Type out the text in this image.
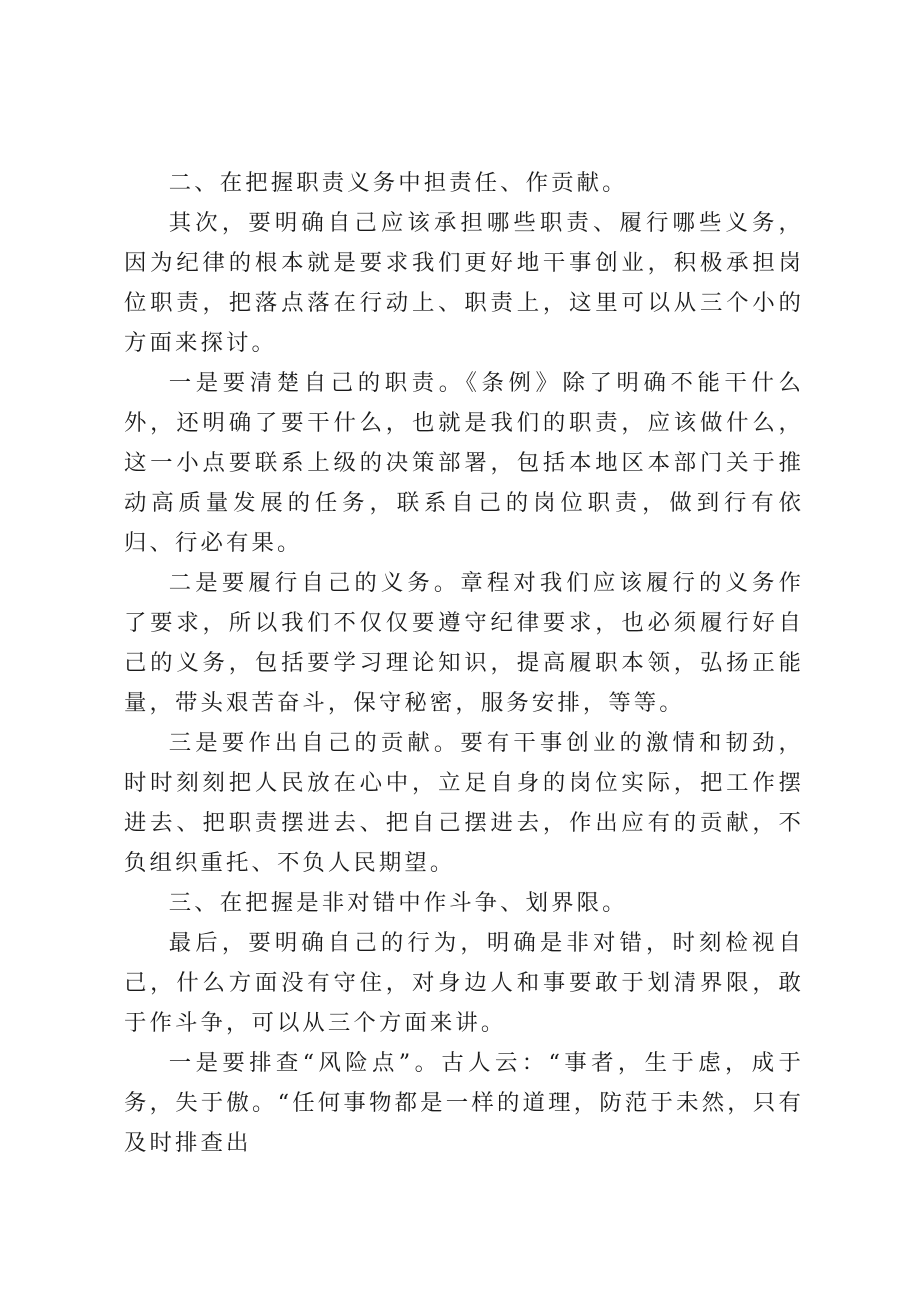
二、在把握职责义务中担责任、作贡献。

其次，要明确自己应该承担哪些职责、履行哪些义务，因为纪律的根本就是要求我们更好地干事创业，积极承担岗位职责，把落点落在行动上、职责上，这里可以从三个小的方面来探讨。

一是要清楚自己的职责。《条例》除了明确不能干什么外，还明确了要干什么，也就是我们的职责，应该做什么，这一小点要联系上级的决策部署，包括本地区本部门关于推动高质量发展的任务，联系自己的岗位职责，做到行有依归、行必有果。

二是要履行自己的义务。章程对我们应该履行的义务作了要求，所以我们不仅仅要遵守纪律要求，也必须履行好自己的义务，包括要学习理论知识，提高履职本领，弘扬正能量，带头艰苦奋斗，保守秘密，服务安排，等等。

三是要作出自己的贡献。要有干事创业的激情和韧劲，时时刻刻把人民放在心中，立足自身的岗位实际，把工作摆进去、把职责摆进去、把自己摆进去，作出应有的贡献，不负组织重托、不负人民期望。

三、在把握是非对错中作斗争、划界限。

最后，要明确自己的行为，明确是非对错，时刻检视自己，什么方面没有守住，对身边人和事要敢于划清界限，敢于作斗争，可以从三个方面来讲。

一是要排查“风险点”。古人云：“事者，生于虑，成于务，失于傲。“任何事物都是一样的道理，防范于未然，只有及时排查出
